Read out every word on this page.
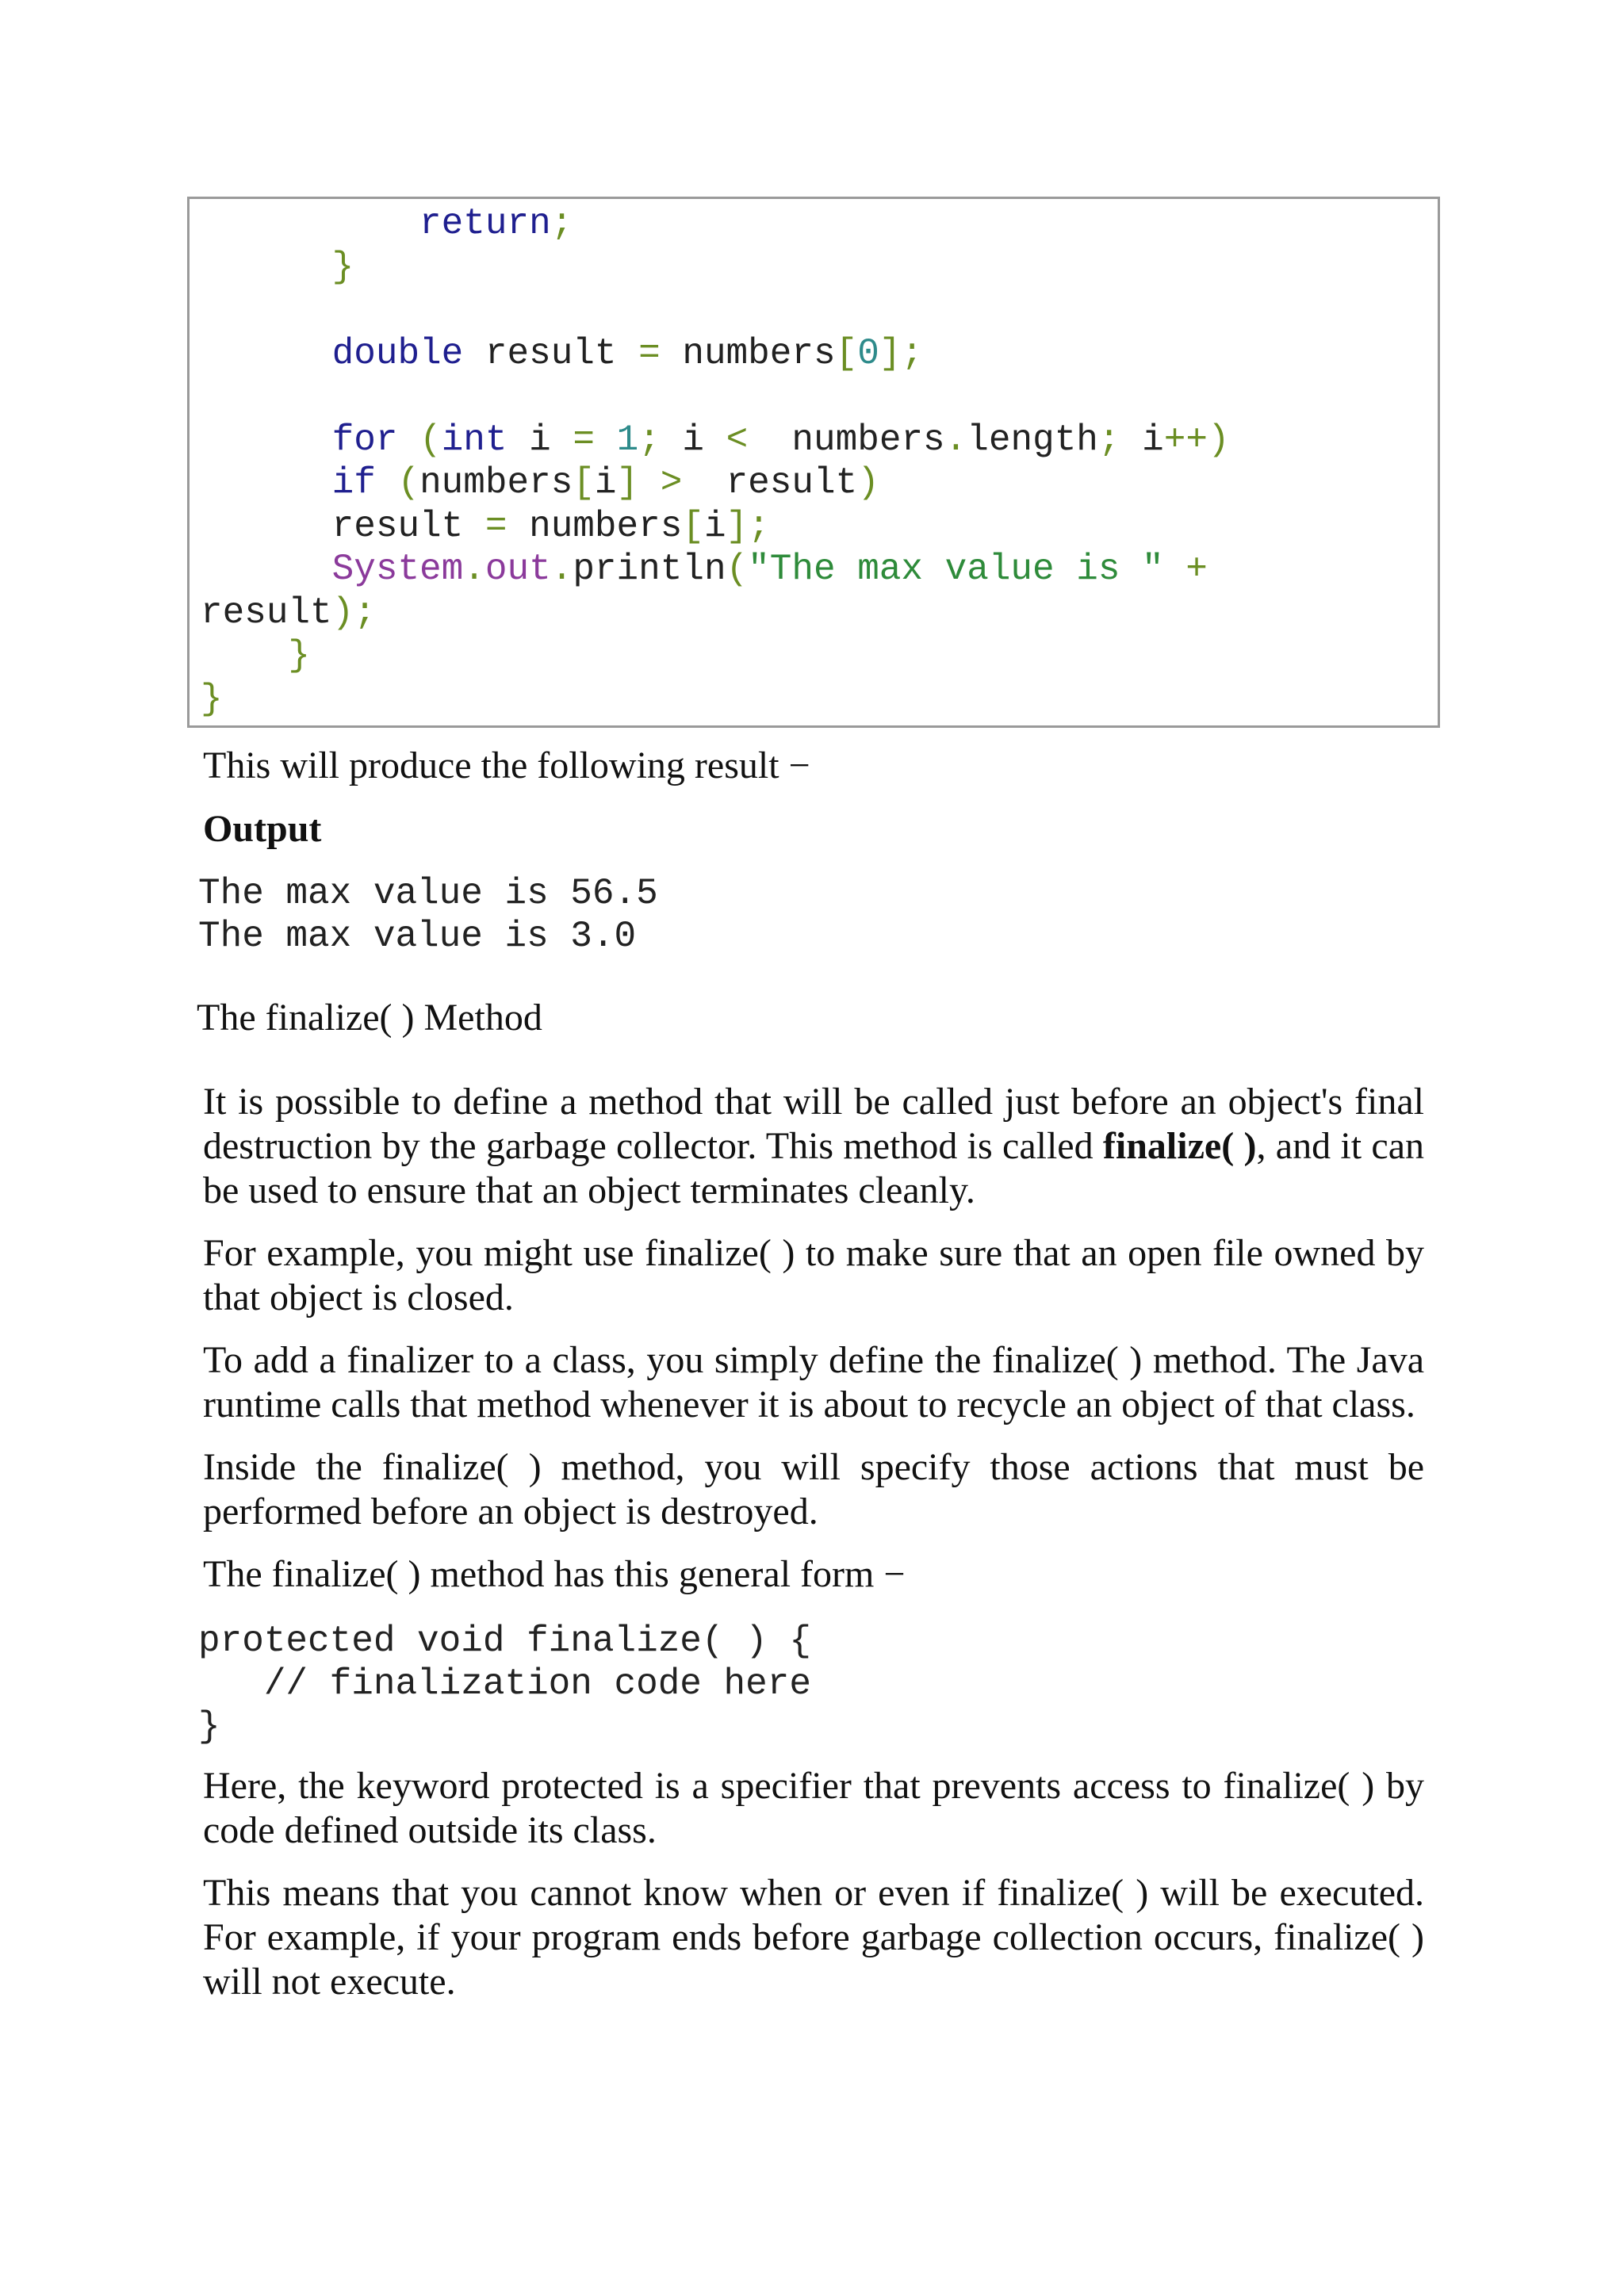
return;
}
double result = numbers[0];
for (int i = 1; i <  numbers.length; i++)
if (numbers[i] >  result)
result = numbers[i];
System.out.println("The max value is " +
result);
}
}

This will produce the following result −

Output

The max value is 56.5
The max value is 3.0

The finalize( ) Method

It is possible to define a method that will be called just before an object's final destruction by the garbage collector. This method is called finalize( ), and it can be used to ensure that an object terminates cleanly.

For example, you might use finalize( ) to make sure that an open file owned by that object is closed.

To add a finalizer to a class, you simply define the finalize( ) method. The Java runtime calls that method whenever it is about to recycle an object of that class.

Inside the finalize( ) method, you will specify those actions that must be performed before an object is destroyed.

The finalize( ) method has this general form −

protected void finalize( ) {
// finalization code here
}

Here, the keyword protected is a specifier that prevents access to finalize( ) by code defined outside its class.

This means that you cannot know when or even if finalize( ) will be executed. For example, if your program ends before garbage collection occurs, finalize( ) will not execute.
